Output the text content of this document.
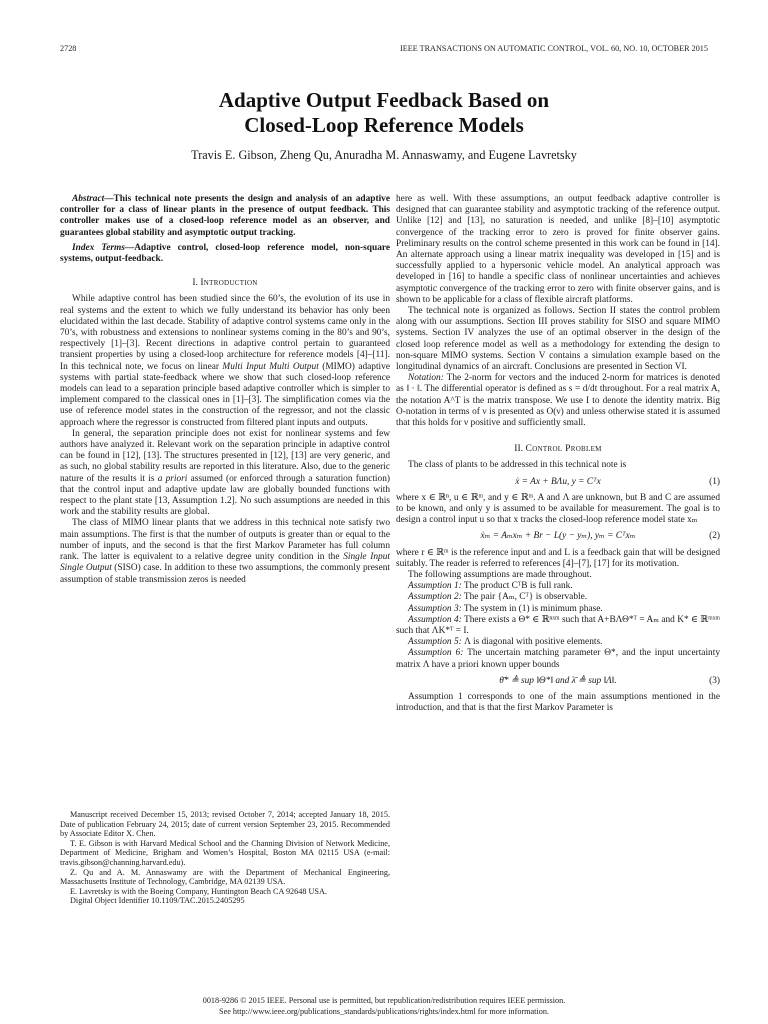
2728	IEEE TRANSACTIONS ON AUTOMATIC CONTROL, VOL. 60, NO. 10, OCTOBER 2015
Adaptive Output Feedback Based on
Closed-Loop Reference Models
Travis E. Gibson, Zheng Qu, Anuradha M. Annaswamy, and Eugene Lavretsky

Abstract—This technical note presents the design and analysis of an adaptive controller for a class of linear plants in the presence of output feedback. This controller makes use of a closed-loop reference model as an observer, and guarantees global stability and asymptotic output tracking.

Index Terms—Adaptive control, closed-loop reference model, non-square systems, output-feedback.

I. Introduction

While adaptive control has been studied since the 60’s, the evolution of its use in real systems and the extent to which we fully understand its behavior has only been elucidated within the last decade. Stability of adaptive control systems came only in the 70’s, with robustness and extensions to nonlinear systems coming in the 80’s and 90’s, respectively [1]–[3]. Recent directions in adaptive control pertain to guaranteed transient properties by using a closed-loop architecture for reference models [4]–[11]. In this technical note, we focus on linear Multi Input Multi Output (MIMO) adaptive systems with partial state-feedback where we show that such closed-loop reference models can lead to a separation principle based adaptive controller which is simpler to implement compared to the classical ones in [1]–[3]. The simplification comes via the use of reference model states in the construction of the regressor, and not the classic approach where the regressor is constructed from filtered plant inputs and outputs.

In general, the separation principle does not exist for nonlinear systems and few authors have analyzed it. Relevant work on the separation principle in adaptive control can be found in [12], [13]. The structures presented in [12], [13] are very generic, and as such, no global stability results are reported in this literature. Also, due to the generic nature of the results it is a priori assumed (or enforced through a saturation function) that the control input and adaptive update law are globally bounded functions with respect to the plant state [13, Assumption 1.2]. No such assumptions are needed in this work and the stability results are global.

The class of MIMO linear plants that we address in this technical note satisfy two main assumptions. The first is that the number of outputs is greater than or equal to the number of inputs, and the second is that the first Markov Parameter has full column rank. The latter is equivalent to a relative degree unity condition in the Single Input Single Output (SISO) case. In addition to these two assumptions, the commonly present assumption of stable transmission zeros is needed

Manuscript received December 15, 2013; revised October 7, 2014; accepted January 18, 2015. Date of publication February 24, 2015; date of current version September 23, 2015. Recommended by Associate Editor X. Chen.

T. E. Gibson is with Harvard Medical School and the Channing Division of Network Medicine, Department of Medicine, Brigham and Women’s Hospital, Boston MA 02115 USA (e-mail: travis.gibson@channing.harvard.edu).

Z. Qu and A. M. Annaswamy are with the Department of Mechanical Engineering, Massachusetts Institute of Technology, Cambridge, MA 02139 USA.

E. Lavretsky is with the Boeing Company, Huntington Beach CA 92648 USA.

Digital Object Identifier 10.1109/TAC.2015.2405295

here as well. With these assumptions, an output feedback adaptive controller is designed that can guarantee stability and asymptotic tracking of the reference output. Unlike [12] and [13], no saturation is needed, and unlike [8]–[10] asymptotic convergence of the tracking error to zero is proved for finite observer gains. Preliminary results on the control scheme presented in this work can be found in [14]. An alternate approach using a linear matrix inequality was developed in [15] and is successfully applied to a hypersonic vehicle model. An analytical approach was developed in [16] to handle a specific class of nonlinear uncertainties and achieves asymptotic convergence of the tracking error to zero with finite observer gains, and is shown to be applicable for a class of flexible aircraft platforms.

The technical note is organized as follows. Section II states the control problem along with our assumptions. Section III proves stability for SISO and square MIMO systems. Section IV analyzes the use of an optimal observer in the design of the closed loop reference model as well as a methodology for extending the design to non-square MIMO systems. Section V contains a simulation example based on the longitudinal dynamics of an aircraft. Conclusions are presented in Section VI.

Notation: The 2-norm for vectors and the induced 2-norm for matrices is denoted as ‖ · ‖. The differential operator is defined as s = d/dt throughout. For a real matrix A, the notation A^T is the matrix transpose. We use I to denote the identity matrix. Big O-notation in terms of ν is presented as O(ν) and unless otherwise stated it is assumed that this holds for ν positive and sufficiently small.

II. Control Problem

The class of plants to be addressed in this technical note is

ẋ = Ax + BΛu, y = Cᵀx	(1)

where x ∈ ℝⁿ, u ∈ ℝᵐ, and y ∈ ℝᵐ. A and Λ are unknown, but B and C are assumed to be known, and only y is assumed to be available for measurement. The goal is to design a control input u so that x tracks the closed-loop reference model state xₘ

ẋₘ = Aₘxₘ + Br − L(y − yₘ), yₘ = Cᵀxₘ	(2)

where r ∈ ℝᵐ is the reference input and and L is a feedback gain that will be designed suitably. The reader is referred to references [4]–[7], [17] for its motivation.

The following assumptions are made throughout.

Assumption 1: The product CᵀB is full rank.

Assumption 2: The pair {Aₘ, Cᵀ} is observable.

Assumption 3: The system in (1) is minimum phase.

Assumption 4: There exists a Θ* ∈ ℝⁿˣᵐ such that A+BΛΘ*ᵀ = Aₘ and K* ∈ ℝᵐˣᵐ such that ΛK*ᵀ = I.

Assumption 5: Λ is diagonal with positive elements.

Assumption 6: The uncertain matching parameter Θ*, and the input uncertainty matrix Λ have a priori known upper bounds

θ̄* ≜ sup ‖Θ*‖ and λ̄ ≜ sup ‖Λ‖.	(3)

Assumption 1 corresponds to one of the main assumptions mentioned in the introduction, and that is that the first Markov Parameter is

0018-9286 © 2015 IEEE. Personal use is permitted, but republication/redistribution requires IEEE permission.
See http://www.ieee.org/publications_standards/publications/rights/index.html for more information.
